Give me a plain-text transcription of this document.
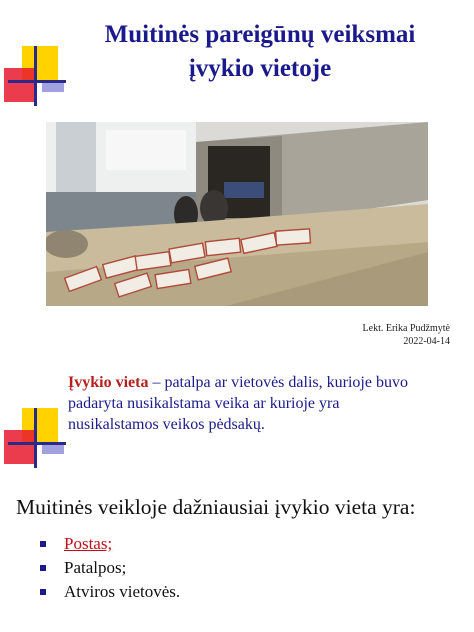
Muitinės pareigūnų veiksmai
įvykio vietoje
Lekt. Erika Pudžmytė
2022-04-14
Įvykio vieta – patalpa ar vietovės dalis, kurioje buvo padaryta nusikalstama veika ar kurioje yra nusikalstamos veikos pėdsakų.
Muitinės veikloje dažniausiai įvykio vieta yra:
Postas;
Patalpos;
Atviros vietovės.
